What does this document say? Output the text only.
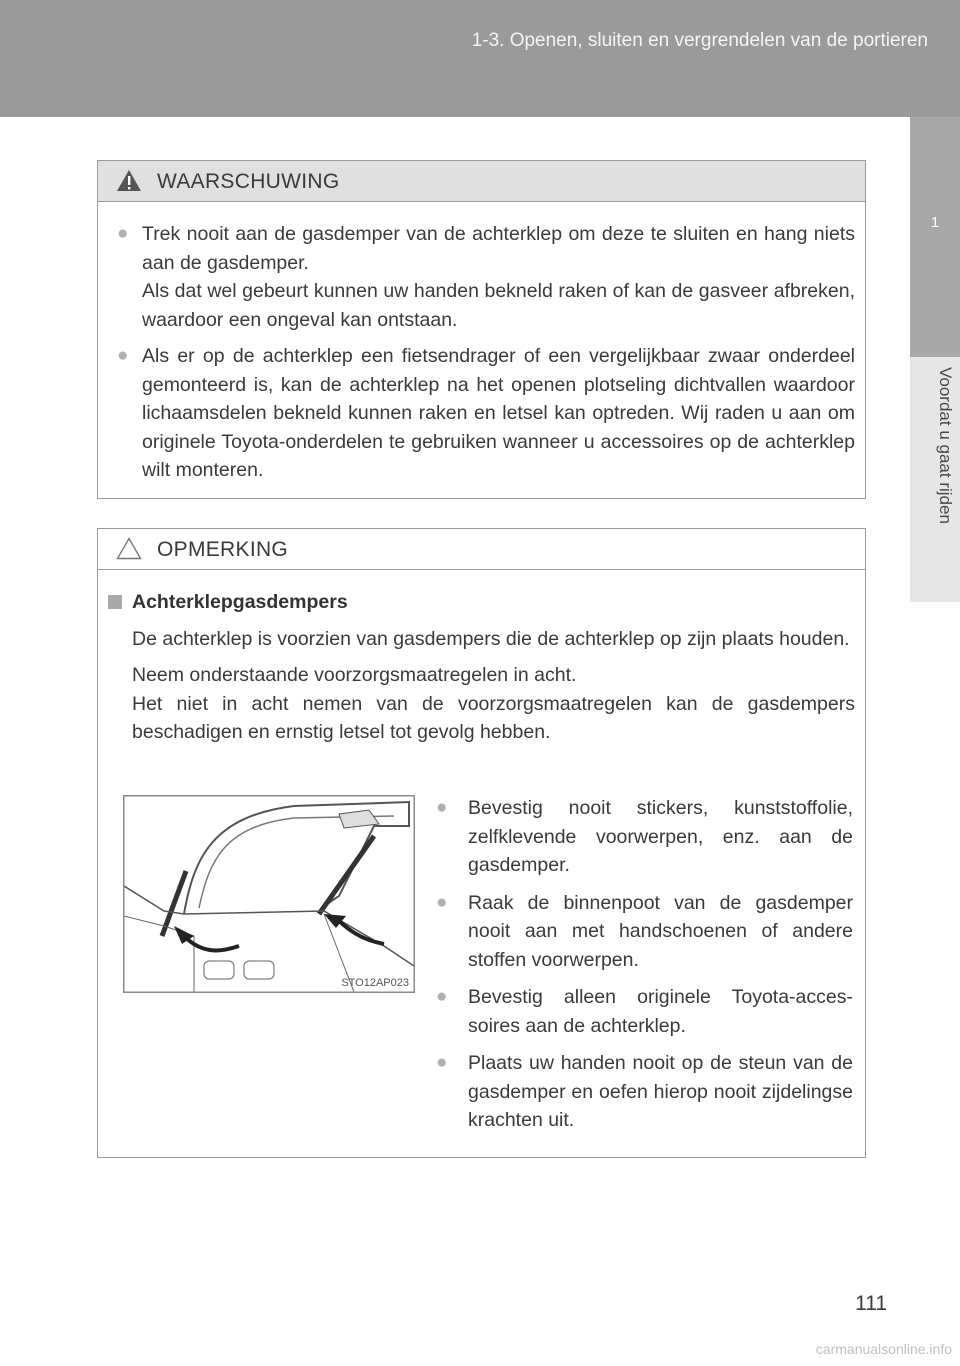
1-3. Openen, sluiten en vergrendelen van de portieren
1
Voordat u gaat rijden
WAARSCHUWING
● Trek nooit aan de gasdemper van de achterklep om deze te sluiten en hang niets aan de gasdemper.
Als dat wel gebeurt kunnen uw handen bekneld raken of kan de gasveer afbreken, waardoor een ongeval kan ontstaan.
● Als er op de achterklep een fietsendrager of een vergelijkbaar zwaar onderdeel gemonteerd is, kan de achterklep na het openen plotseling dichtvallen waardoor lichaamsdelen bekneld kunnen raken en letsel kan optreden. Wij raden u aan om originele Toyota-onderdelen te gebruiken wanneer u accessoires op de achterklep wilt monteren.
OPMERKING
Achterklepgasdempers
De achterklep is voorzien van gasdempers die de achterklep op zijn plaats houden.
Neem onderstaande voorzorgsmaatregelen in acht.
Het niet in acht nemen van de voorzorgsmaatregelen kan de gasdempers beschadigen en ernstig letsel tot gevolg hebben.
STO12AP023
● Bevestig nooit stickers, kunststoffolie, zelfklevende voorwerpen, enz. aan de gasdemper.
● Raak de binnenpoot van de gasdemper nooit aan met handschoenen of andere stoffen voorwerpen.
● Bevestig alleen originele Toyota-acces-soires aan de achterklep.
● Plaats uw handen nooit op de steun van de gasdemper en oefen hierop nooit zijdelingse krachten uit.
111
carmanualsonline.info
